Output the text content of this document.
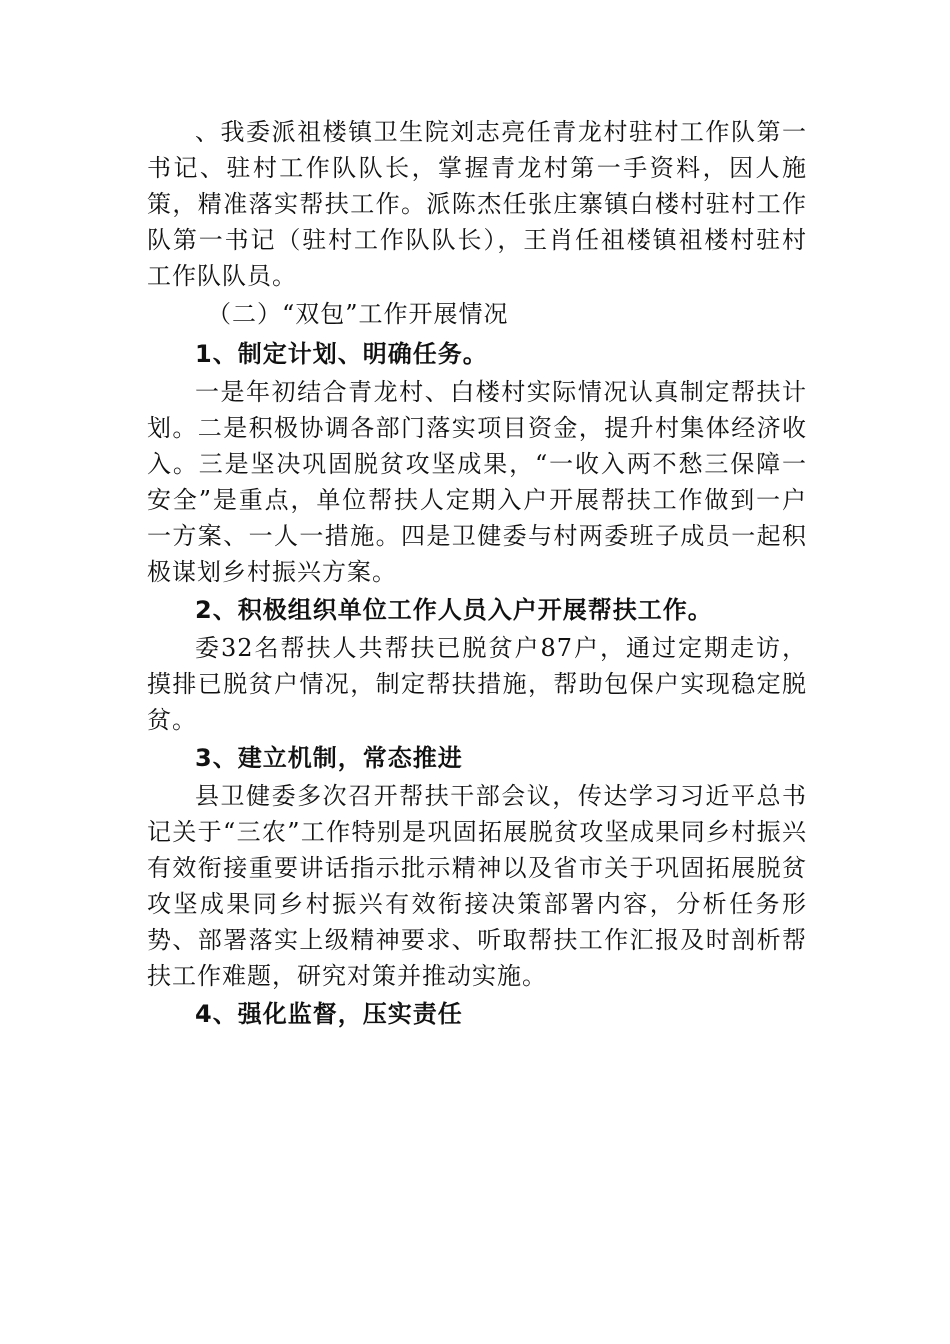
、我委派祖楼镇卫生院刘志亮任青龙村驻村工作队第一书记、驻村工作队队长，掌握青龙村第一手资料，因人施策，精准落实帮扶工作。派陈杰任张庄寨镇白楼村驻村工作队第一书记（驻村工作队队长），王肖任祖楼镇祖楼村驻村工作队队员。

（二）“双包”工作开展情况

1、制定计划、明确任务。

一是年初结合青龙村、白楼村实际情况认真制定帮扶计划。二是积极协调各部门落实项目资金，提升村集体经济收入。三是坚决巩固脱贫攻坚成果，“一收入两不愁三保障一安全”是重点，单位帮扶人定期入户开展帮扶工作做到一户一方案、一人一措施。四是卫健委与村两委班子成员一起积极谋划乡村振兴方案。

2、积极组织单位工作人员入户开展帮扶工作。

委32名帮扶人共帮扶已脱贫户87户，通过定期走访，摸排已脱贫户情况，制定帮扶措施，帮助包保户实现稳定脱贫。

3、建立机制，常态推进

县卫健委多次召开帮扶干部会议，传达学习习近平总书记关于“三农”工作特别是巩固拓展脱贫攻坚成果同乡村振兴有效衔接重要讲话指示批示精神以及省市关于巩固拓展脱贫攻坚成果同乡村振兴有效衔接决策部署内容，分析任务形势、部署落实上级精神要求、听取帮扶工作汇报及时剖析帮扶工作难题，研究对策并推动实施。

4、强化监督，压实责任
